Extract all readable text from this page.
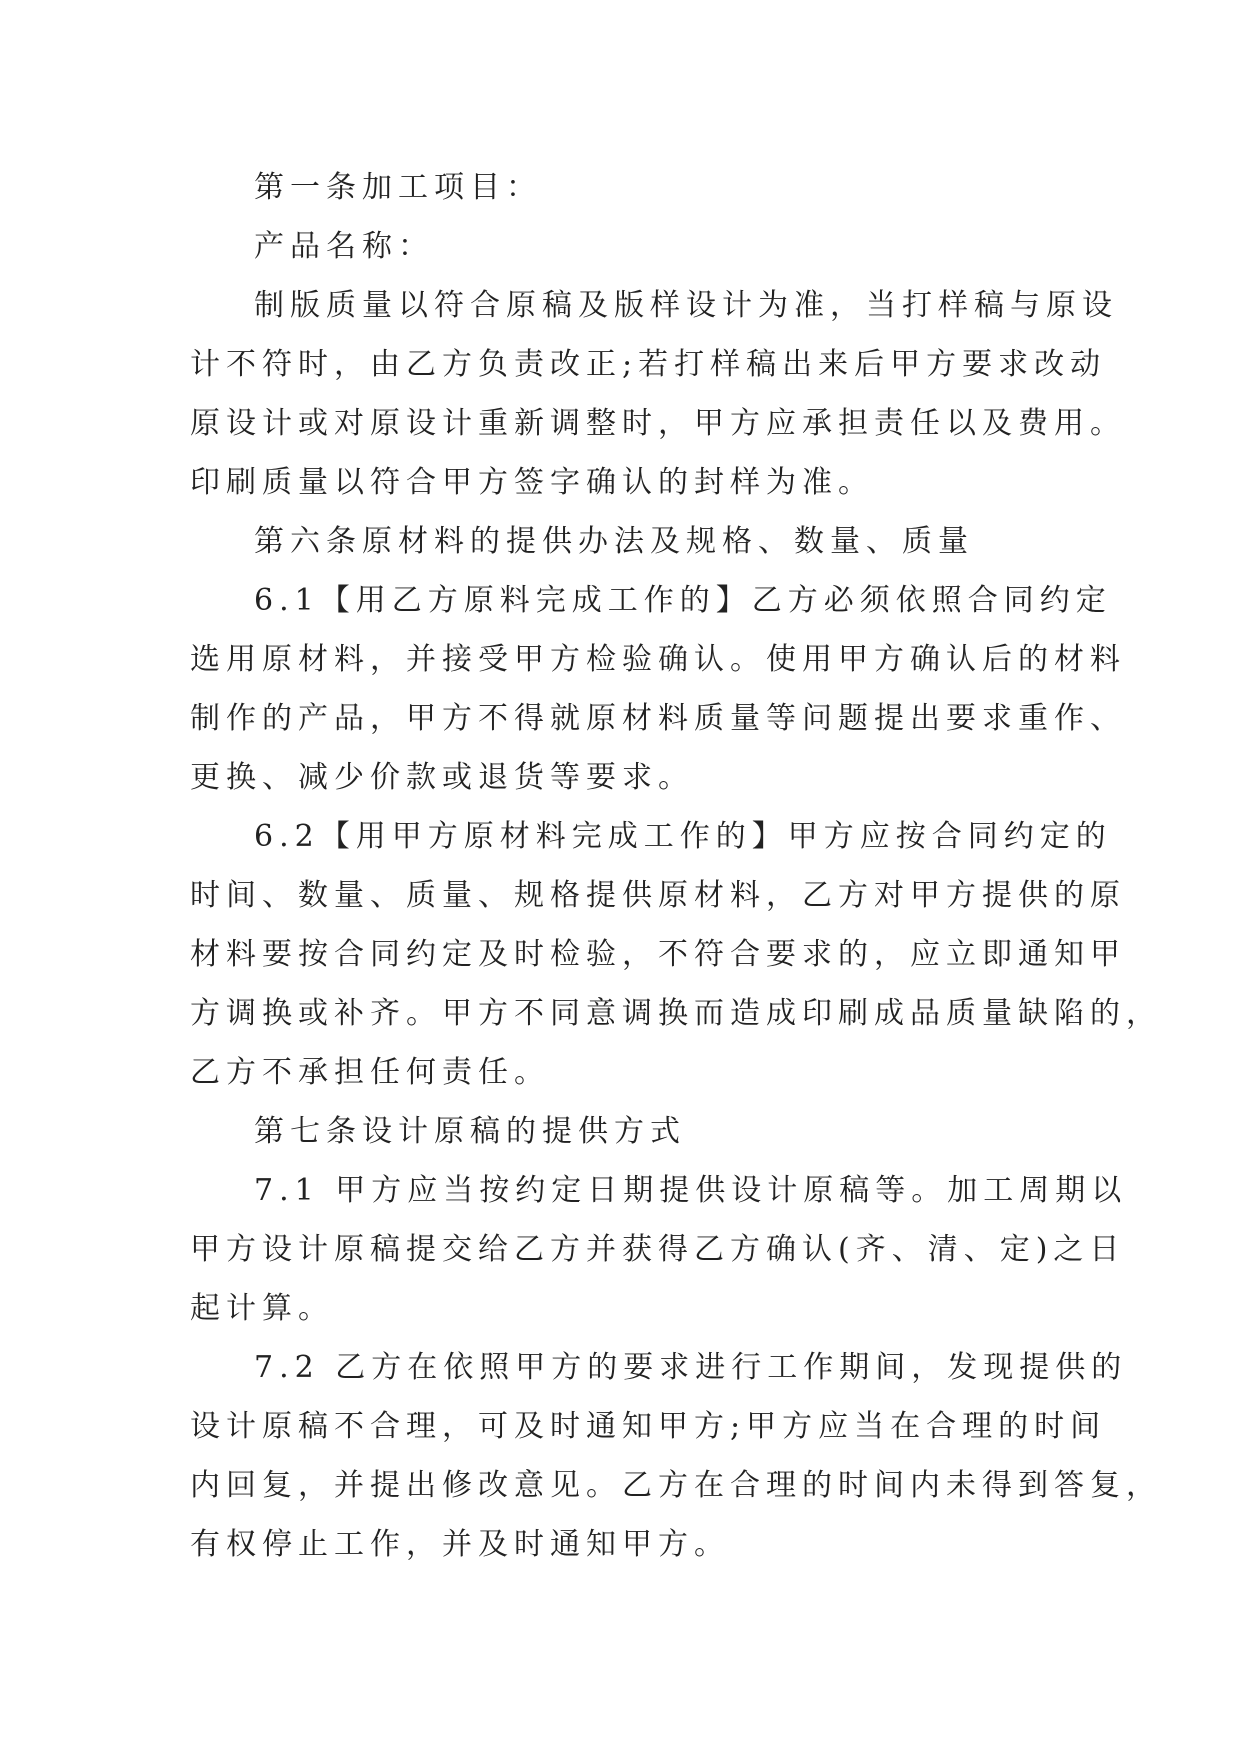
第一条加工项目：
产品名称：
制版质量以符合原稿及版样设计为准，当打样稿与原设
计不符时，由乙方负责改正;若打样稿出来后甲方要求改动
原设计或对原设计重新调整时，甲方应承担责任以及费用。
印刷质量以符合甲方签字确认的封样为准。
第六条原材料的提供办法及规格、数量、质量
6.1【用乙方原料完成工作的】乙方必须依照合同约定
选用原材料，并接受甲方检验确认。使用甲方确认后的材料
制作的产品，甲方不得就原材料质量等问题提出要求重作、
更换、减少价款或退货等要求。
6.2【用甲方原材料完成工作的】甲方应按合同约定的
时间、数量、质量、规格提供原材料，乙方对甲方提供的原
材料要按合同约定及时检验，不符合要求的，应立即通知甲
方调换或补齐。甲方不同意调换而造成印刷成品质量缺陷的，
乙方不承担任何责任。
第七条设计原稿的提供方式
7.1 甲方应当按约定日期提供设计原稿等。加工周期以
甲方设计原稿提交给乙方并获得乙方确认(齐、清、定)之日
起计算。
7.2 乙方在依照甲方的要求进行工作期间，发现提供的
设计原稿不合理，可及时通知甲方;甲方应当在合理的时间
内回复，并提出修改意见。乙方在合理的时间内未得到答复，
有权停止工作，并及时通知甲方。
